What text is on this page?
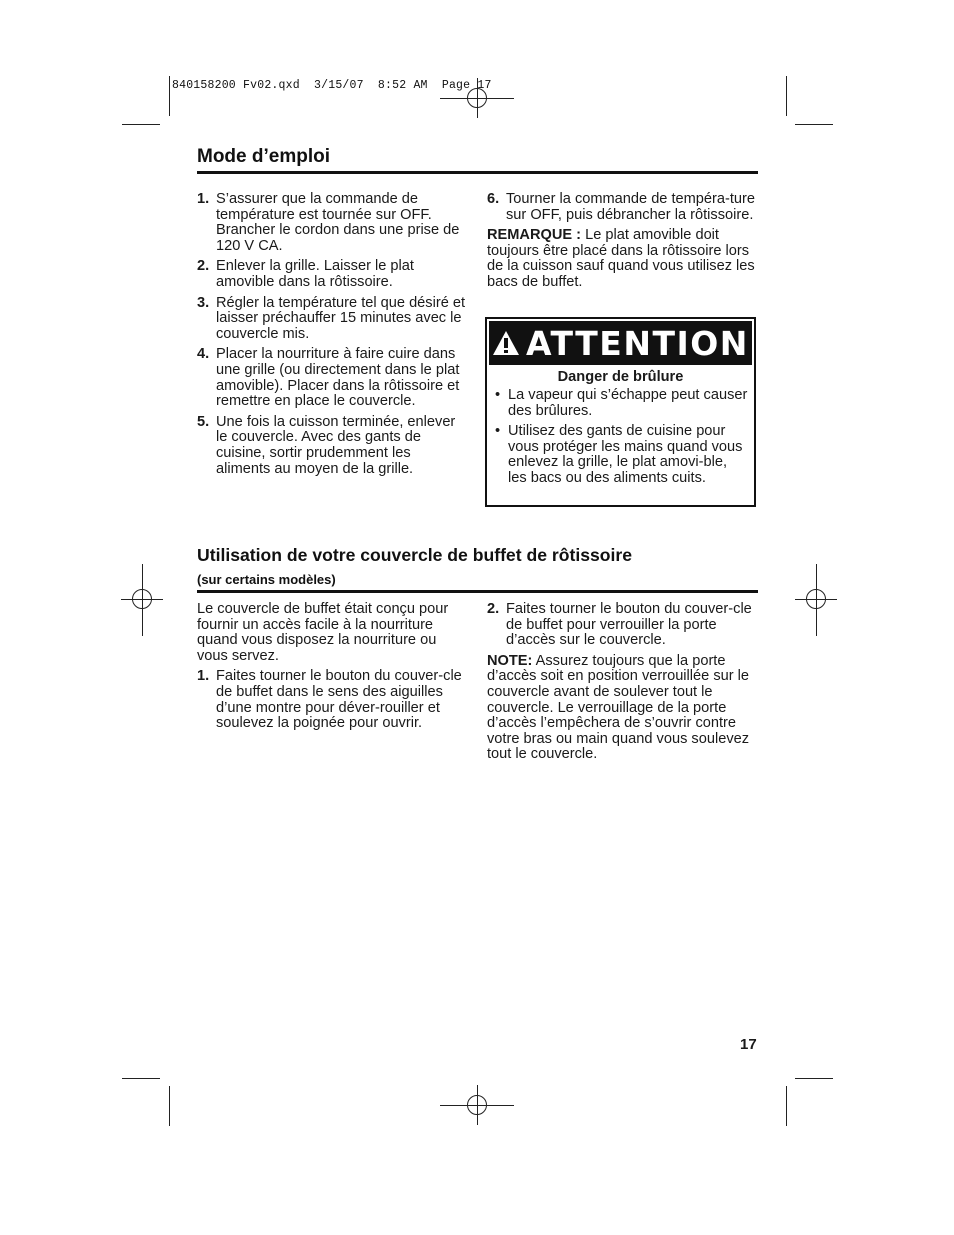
840158200 Fv02.qxd  3/15/07  8:52 AM  Page 17
Mode d’emploi
1. S’assurer que la commande de température est tournée sur OFF. Brancher le cordon dans une prise de 120 V CA.
2. Enlever la grille. Laisser le plat amovible dans la rôtissoire.
3. Régler la température tel que désiré et laisser préchauffer 15 minutes avec le couvercle mis.
4. Placer la nourriture à faire cuire dans une grille (ou directement dans le plat amovible). Placer dans la rôtissoire et remettre en place le couvercle.
5. Une fois la cuisson terminée, enlever le couvercle. Avec des gants de cuisine, sortir prudemment les aliments au moyen de la grille.
6. Tourner la commande de tempéra-ture sur OFF, puis débrancher la rôtissoire.

REMARQUE : Le plat amovible doit toujours être placé dans la rôtissoire lors de la cuisson sauf quand vous utilisez les bacs de buffet.

ATTENTION
Danger de brûlure
• La vapeur qui s’échappe peut causer des brûlures.
• Utilisez des gants de cuisine pour vous protéger les mains quand vous enlevez la grille, le plat amovi-ble, les bacs ou des aliments cuits.
Utilisation de votre couvercle de buffet de rôtissoire
(sur certains modèles)

Le couvercle de buffet était conçu pour fournir un accès facile à la nourriture quand vous disposez la nourriture ou vous servez.

1. Faites tourner le bouton du couver-cle de buffet dans le sens des aiguilles d’une montre pour déver-rouiller et soulevez la poignée pour ouvrir.
2. Faites tourner le bouton du couver-cle de buffet pour verrouiller la porte d’accès sur le couvercle.

NOTE: Assurez toujours que la porte d’accès soit en position verrouillée sur le couvercle avant de soulever tout le couvercle. Le verrouillage de la porte d’accès l’empêchera de s’ouvrir contre votre bras ou main quand vous soulevez tout le couvercle.

17
